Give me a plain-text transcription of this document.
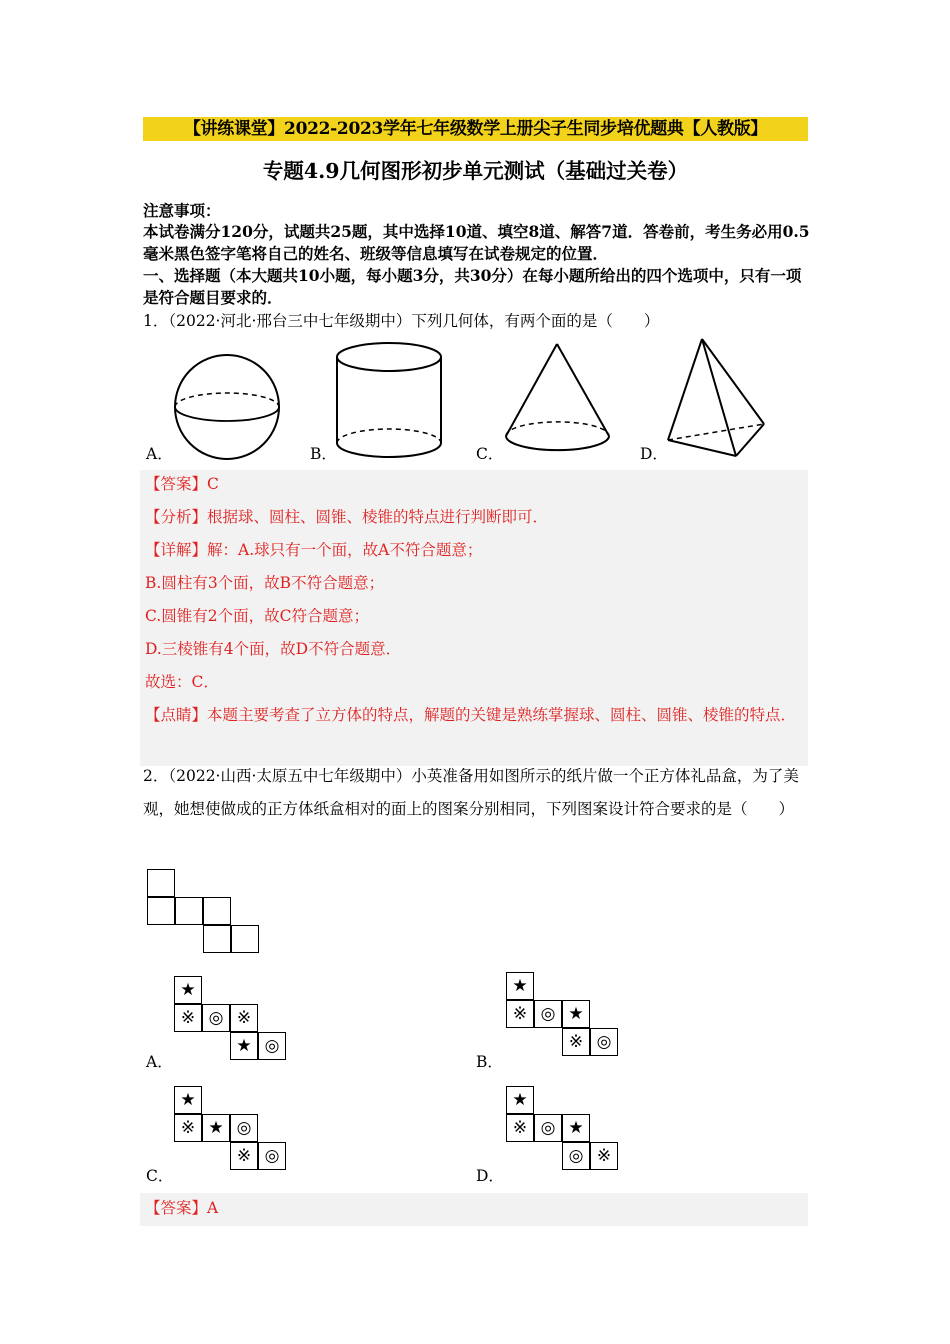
【讲练课堂】2022-2023学年七年级数学上册尖子生同步培优题典【人教版】
专题4.9几何图形初步单元测试（基础过关卷）
注意事项：
本试卷满分120分，试题共25题，其中选择10道、填空8道、解答7道．答卷前，考生务必用0.5毫米黑色签字笔将自己的姓名、班级等信息填写在试卷规定的位置．
一、选择题（本大题共10小题，每小题3分，共30分）在每小题所给出的四个选项中，只有一项是符合题目要求的．
1．（2022·河北·邢台三中七年级期中）下列几何体，有两个面的是（　　）
A．	B．	C．	D．
【答案】C
【分析】根据球、圆柱、圆锥、棱锥的特点进行判断即可．
【详解】解：A.球只有一个面，故A不符合题意；
B.圆柱有3个面，故B不符合题意；
C.圆锥有2个面，故C符合题意；
D.三棱锥有4个面，故D不符合题意．
故选：C．
【点睛】本题主要考查了立方体的特点，解题的关键是熟练掌握球、圆柱、圆锥、棱锥的特点．
2．（2022·山西·太原五中七年级期中）小英准备用如图所示的纸片做一个正方体礼品盒，为了美观，她想使做成的正方体纸盒相对的面上的图案分别相同，下列图案设计符合要求的是（　　）
★
※ ◎ ※
★ ◎
A．
★
※ ◎ ★
※ ◎
B．
★
※ ★ ◎
※ ◎
C．
★
※ ◎ ★
◎ ※
D．
【答案】A
